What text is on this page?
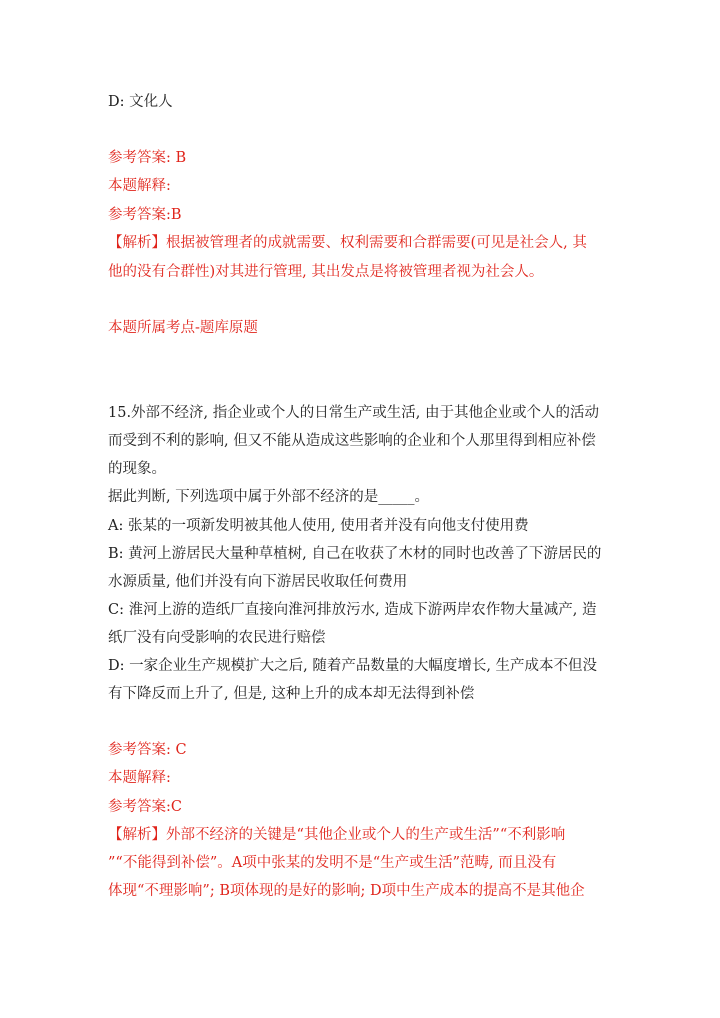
D: 文化人
参考答案: B
本题解释:
参考答案:B
【解析】根据被管理者的成就需要、权利需要和合群需要(可见是社会人, 其
他的没有合群性)对其进行管理, 其出发点是将被管理者视为社会人。
本题所属考点-题库原题
15.外部不经济, 指企业或个人的日常生产或生活, 由于其他企业或个人的活动
而受到不利的影响, 但又不能从造成这些影响的企业和个人那里得到相应补偿
的现象。
据此判断, 下列选项中属于外部不经济的是_____。
A: 张某的一项新发明被其他人使用, 使用者并没有向他支付使用费
B: 黄河上游居民大量种草植树, 自己在收获了木材的同时也改善了下游居民的
水源质量, 他们并没有向下游居民收取任何费用
C: 淮河上游的造纸厂直接向淮河排放污水, 造成下游两岸农作物大量减产, 造
纸厂没有向受影响的农民进行赔偿
D: 一家企业生产规模扩大之后, 随着产品数量的大幅度增长, 生产成本不但没
有下降反而上升了, 但是, 这种上升的成本却无法得到补偿
参考答案: C
本题解释:
参考答案:C
【解析】外部不经济的关键是“其他企业或个人的生产或生活”“不利影响
”“不能得到补偿”。A项中张某的发明不是“生产或生活”范畴, 而且没有
体现“不理影响”; B项体现的是好的影响; D项中生产成本的提高不是其他企
